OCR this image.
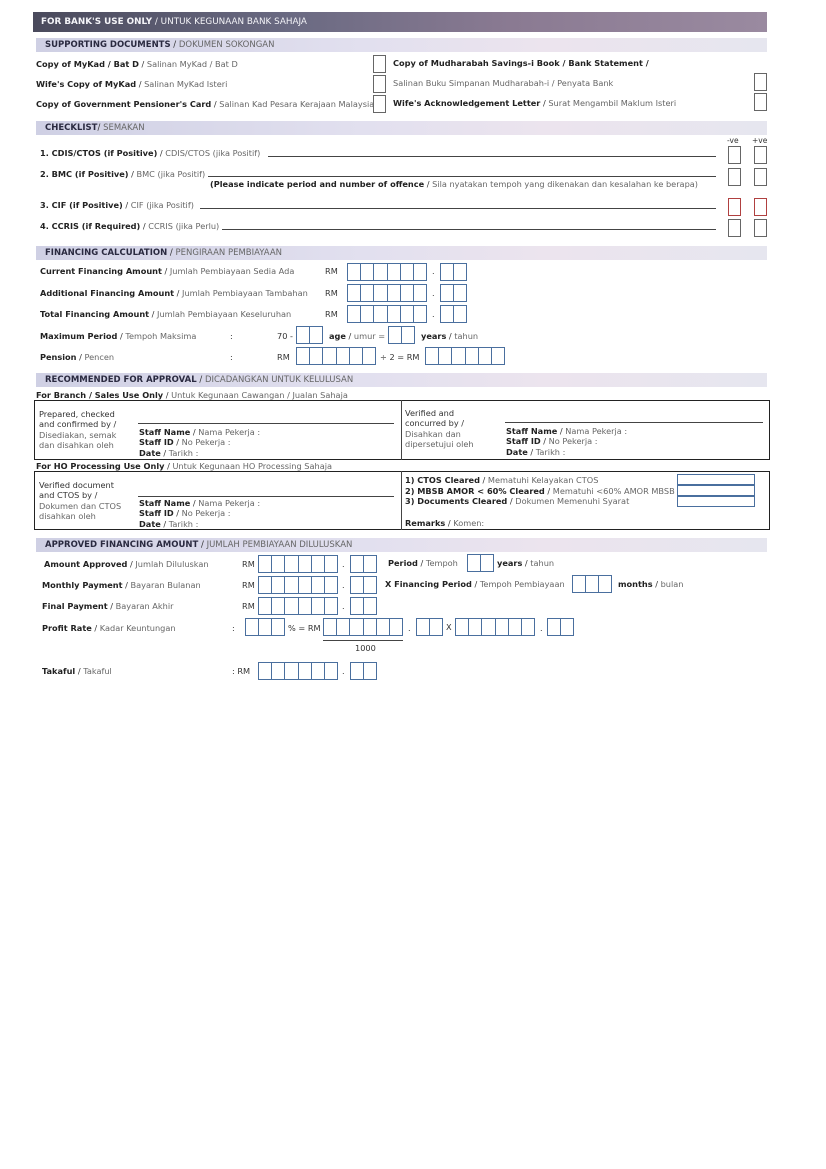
FOR BANK'S USE ONLY / UNTUK KEGUNAAN BANK SAHAJA
SUPPORTING DOCUMENTS / DOKUMEN SOKONGAN
Copy of MyKad / Bat D / Salinan MyKad / Bat D
Wife's Copy of MyKad / Salinan MyKad Isteri
Copy of Government Pensioner's Card / Salinan Kad Pesara Kerajaan Malaysia
Copy of Mudharabah Savings-i Book / Bank Statement /
Salinan Buku Simpanan Mudharabah-i / Penyata Bank
Wife's Acknowledgement Letter / Surat Mengambil Maklum Isteri
CHECKLIST/ SEMAKAN
-ve +ve
1. CDIS/CTOS (if Positive) / CDIS/CTOS (jika Positif)
2. BMC (if Positive) / BMC (jika Positif)
(Please indicate period and number of offence / Sila nyatakan tempoh yang dikenakan dan kesalahan ke berapa)
3. CIF (if Positive) / CIF (jika Positif)
4. CCRIS (if Required) / CCRIS (jika Perlu)
FINANCING CALCULATION / PENGIRAAN PEMBIAYAAN
Current Financing Amount / Jumlah Pembiayaan Sedia Ada	RM	.
Additional Financing Amount / Jumlah Pembiayaan Tambahan RM	.
Total Financing Amount / Jumlah Pembiayaan Keseluruhan	RM	.
Maximum Period / Tempoh Maksima	:	70 -	age / umur =	years / tahun
Pension / Pencen	:	RM	÷ 2 = RM
RECOMMENDED FOR APPROVAL / DICADANGKAN UNTUK KELULUSAN
For Branch / Sales Use Only / Untuk Kegunaan Cawangan / Jualan Sahaja
Prepared, checked
and confirmed by /
Disediakan, semak
dan disahkan oleh
Staff Name / Nama Pekerja :
Staff ID / No Pekerja :
Date / Tarikh :
Verified and
concurred by /
Disahkan dan
dipersetujui oleh
Staff Name / Nama Pekerja :
Staff ID / No Pekerja :
Date / Tarikh :
For HO Processing Use Only / Untuk Kegunaan HO Processing Sahaja
Verified document
and CTOS by /
Dokumen dan CTOS
disahkan oleh
Staff Name / Nama Pekerja :
Staff ID / No Pekerja :
Date / Tarikh :
1) CTOS Cleared / Mematuhi Kelayakan CTOS
2) MBSB AMOR < 60% Cleared / Mematuhi <60% AMOR MBSB
3) Documents Cleared / Dokumen Memenuhi Syarat
Remarks / Komen:
APPROVED FINANCING AMOUNT / JUMLAH PEMBIAYAAN DILULUSKAN
Amount Approved / Jumlah Diluluskan	RM	.	Period / Tempoh	years / tahun
Monthly Payment / Bayaran Bulanan	RM	.	X Financing Period / Tempoh Pembiayaan	months / bulan
Final Payment / Bayaran Akhir	RM	.
Profit Rate / Kadar Keuntungan	:	% = RM	.	X	.
1000
Takaful / Takaful	: RM	.
